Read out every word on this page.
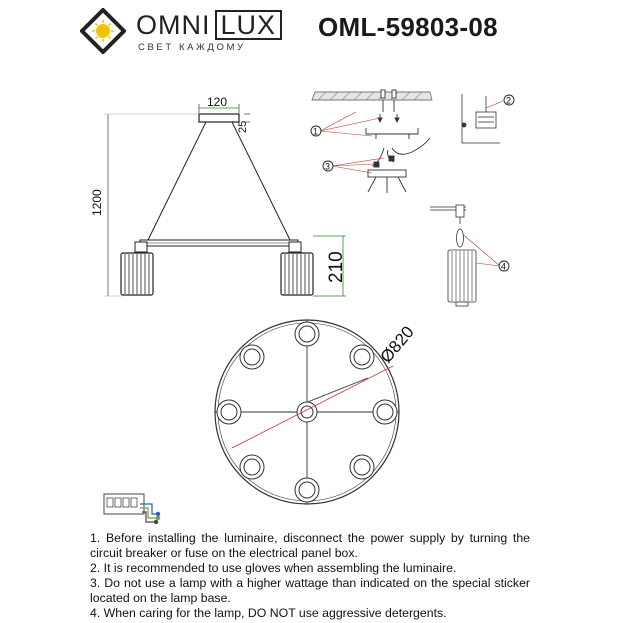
OMNI LUX
СВЕТ КАЖДОМУ
OML-59803-08
120
25
1200
210
1
2
3
4
Ø820

1. Before installing the luminaire, disconnect the power supply by turning the circuit breaker or fuse on the electrical panel box.

2. It is recommended to use gloves when assembling the luminaire.

3. Do not use a lamp with a higher wattage than indicated on the special sticker located on the lamp base.

4. When caring for the lamp, DO NOT use aggressive detergents.
